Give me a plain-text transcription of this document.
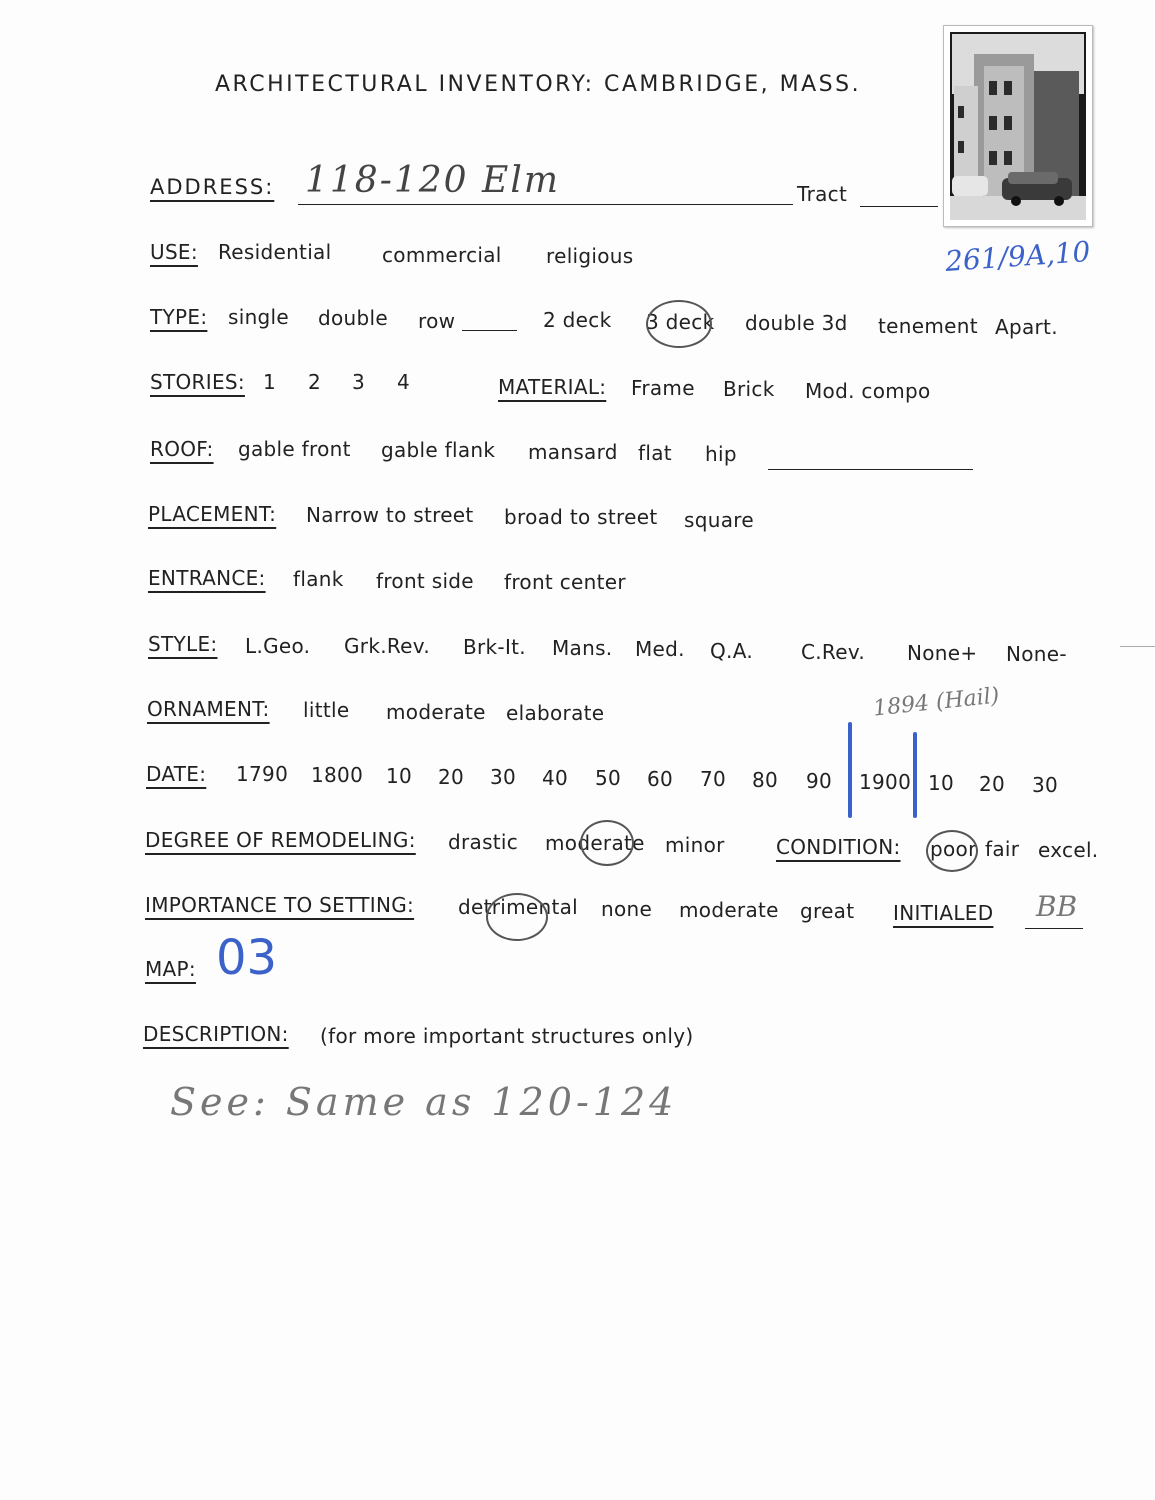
ARCHITECTURAL INVENTORY: CAMBRIDGE, MASS.
261/9A,10
ADDRESS: 118-120 Elm	Tract
USE: Residential	commercial religious
TYPE: single double row	2 deck 3 deck double 3d tenement Apart.
STORIES: 1 2 3 4	MATERIAL: Frame Brick Mod. compo
ROOF: gable front gable flank mansard flat hip
PLACEMENT: Narrow to street broad to street square
ENTRANCE: flank front side front center
STYLE: L.Geo. Grk.Rev. Brk-It. Mans. Med. Q.A. C.Rev. None+ None-
ORNAMENT: little moderate elaborate	1894 (Hail)
DATE: 1790 1800 10 20 30 40 50 60 70 80 90 1900 10 20 30
DEGREE OF REMODELING: drastic moderate minor	CONDITION: poor fair excel.
IMPORTANCE TO SETTING: detrimental none moderate great INITIALED BB
MAP: 03
DESCRIPTION: (for more important structures only)
See: Same as 120-124
